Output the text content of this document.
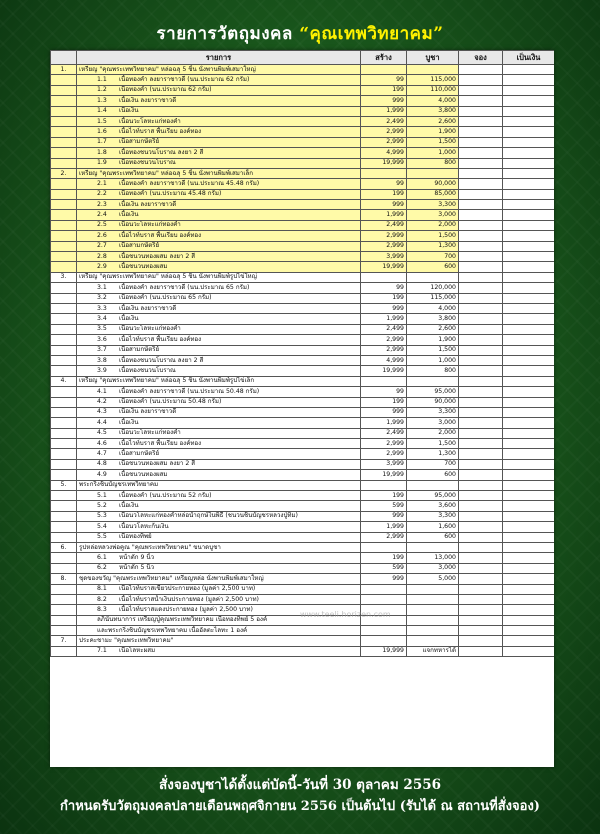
รายการวัตถุมงคล “คุณเทพวิทยาคม”
	รายการ	สร้าง	บูชา	จอง	เป็นเงิน
1.	เหรียญ "คุณพระเทพวิทยาคม" หล่อฉลุ 5 ชิ้น นั่งพานพิมพ์เสมาใหญ่				
	1.1 เนื้อทองคำ ลงยาราชาวดี (นน.ประมาณ 62 กรัม)	99	115,000		
	1.2 เนื้อทองคำ (นน.ประมาณ 62 กรัม)	199	110,000		
	1.3 เนื้อเงิน ลงยาราชาวดี	999	4,000		
	1.4 เนื้อเงิน	1,999	3,800		
	1.5 เนื้อนวะโลหะแก่ทองคำ	2,499	2,600		
	1.6 เนื้อไวท์บราส พื้นเรียบ องค์ทอง	2,999	1,900		
	1.7 เนื้อสามกษัตริย์	2,999	1,500		
	1.8 เนื้อทองชนวนโบราณ ลงยา 2 สี	4,999	1,000		
	1.9 เนื้อทองชนวนโบราณ	19,999	800		
2.	เหรียญ "คุณพระเทพวิทยาคม" หล่อฉลุ 5 ชิ้น นั่งพานพิมพ์เสมาเล็ก				
	2.1 เนื้อทองคำ ลงยาราชาวดี (นน.ประมาณ 45.48 กรัม)	99	90,000		
	2.2 เนื้อทองคำ (นน.ประมาณ 45.48 กรัม)	199	85,000		
	2.3 เนื้อเงิน ลงยาราชาวดี	999	3,300		
	2.4 เนื้อเงิน	1,999	3,000		
	2.5 เนื้อนวะโลหะแก่ทองคำ	2,499	2,000		
	2.6 เนื้อไวท์บราส พื้นเรียบ องค์ทอง	2,999	1,500		
	2.7 เนื้อสามกษัตริย์	2,999	1,300		
	2.8 เนื้อชนวนทองผสม ลงยา 2 สี	3,999	700		
	2.9 เนื้อชนวนทองผสม	19,999	600		
3.	เหรียญ "คุณพระเทพวิทยาคม" หล่อฉลุ 5 ชิ้น นั่งพานพิมพ์รูปไข่ใหญ่				
	3.1 เนื้อทองคำ ลงยาราชาวดี (นน.ประมาณ 65 กรัม)	99	120,000		
	3.2 เนื้อทองคำ (นน.ประมาณ 65 กรัม)	199	115,000		
	3.3 เนื้อเงิน ลงยาราชาวดี	999	4,000		
	3.4 เนื้อเงิน	1,999	3,800		
	3.5 เนื้อนวะโลหะแก่ทองคำ	2,499	2,600		
	3.6 เนื้อไวท์บราส พื้นเรียบ องค์ทอง	2,999	1,900		
	3.7 เนื้อสามกษัตริย์	2,999	1,500		
	3.8 เนื้อทองชนวนโบราณ ลงยา 2 สี	4,999	1,000		
	3.9 เนื้อทองชนวนโบราณ	19,999	800		
4.	เหรียญ "คุณพระเทพวิทยาคม" หล่อฉลุ 5 ชิ้น นั่งพานพิมพ์รูปไข่เล็ก				
	4.1 เนื้อทองคำ ลงยาราชาวดี (นน.ประมาณ 50.48 กรัม)	99	95,000		
	4.2 เนื้อทองคำ (นน.ประมาณ 50.48 กรัม)	199	90,000		
	4.3 เนื้อเงิน ลงยาราชาวดี	999	3,300		
	4.4 เนื้อเงิน	1,999	3,000		
	4.5 เนื้อนวะโลหะแก่ทองคำ	2,499	2,000		
	4.6 เนื้อไวท์บราส พื้นเรียบ องค์ทอง	2,999	1,500		
	4.7 เนื้อสามกษัตริย์	2,999	1,300		
	4.8 เนื้อชนวนทองผสม ลงยา 2 สี	3,999	700		
	4.9 เนื้อชนวนทองผสม	19,999	600		
5.	พระกริ่งชินบัญชรเทพวิทยาคม				
	5.1 เนื้อทองคำ (นน.ประมาณ 52 กรัม)	199	95,000		
	5.2 เนื้อเงิน	599	3,600		
	5.3 เนื้อนวโลหะแก่ทองคำหล่อน้ำฤกษ์ในพิธี (ชนวนชินบัญชรหลวงปู่ทิม)	999	3,300		
	5.4 เนื้อนวโลหะก้นเงิน	1,999	1,600		
	5.5 เนื้อทองทิพย์	2,999	600		
6.	รูปหล่อหลวงพ่อคูณ "คุณพระเทพวิทยาคม" ขนาดบูชา				
	6.1 หน้าตัก 9 นิ้ว	199	13,000		
	6.2 หน้าตัก 5 นิ้ว	599	3,000		
8.	ชุดของขวัญ "คุณพระเทพวิทยาคม" เหรียญหล่อ นั่งพานพิมพ์เสมาใหญ่	999	5,000		
	8.1 เนื้อไวท์บราสเขียวประกายทอง (มูลค่า 2,500 บาท)				
	8.2 เนื้อไวท์บราสน้ำเงินประกายทอง (มูลค่า 2,500 บาท)				
	8.3 เนื้อไวท์บราสแดงประกายทอง (มูลค่า 2,500 บาท)				
	ลภินันทนาการ เหรียญปู่คุณพระเทพวิทยาคม เนื้อทองทิพย์ 5 องค์				
	และพระกริ่งชินบัญชรเทพวิทยาคม เนื้ออัลตะไลทะ 1 องค์				
7.	ประคะชามะ "คุณพระเทพวิทยาคม"				
	7.1 เนื้อโลหะผสม	19,999	แจกทหารได้		
www.teeli.horizen.com
สั่งจองบูชาได้ตั้งแต่บัดนี้-วันที่ 30 ตุลาคม 2556
กำหนดรับวัตถุมงคลปลายเดือนพฤศจิกายน 2556 เป็นต้นไป (รับได้ ณ สถานที่สั่งจอง)
